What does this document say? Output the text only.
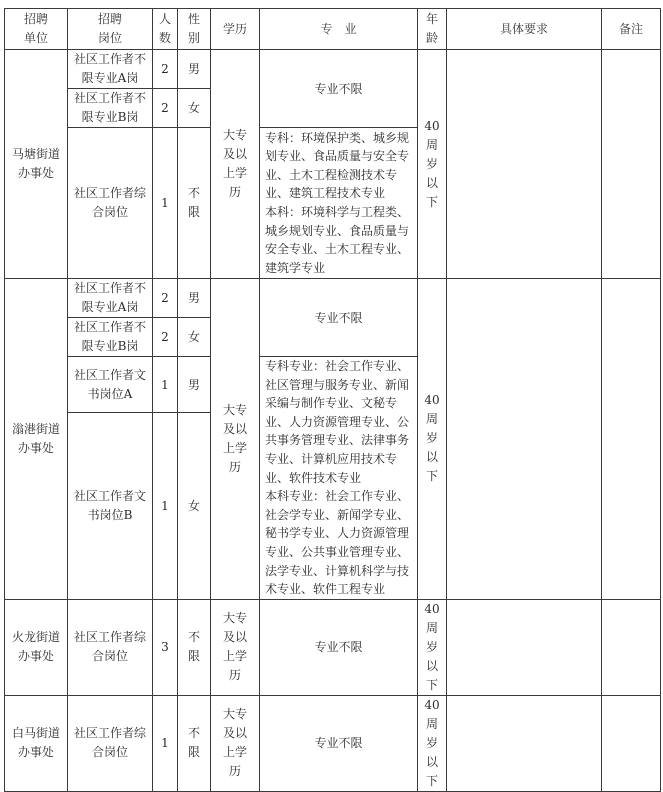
招聘单位	招聘岗位	人数	性别	学历	专　业	年龄	具体要求	备注
马塘街道办事处	社区工作者不限专业A岗	2	男	大专及以上学历	专业不限	40周岁以下		
	社区工作者不限专业B岗	2	女					
	社区工作者综合岗位	1	不限		专科：环境保护类、城乡规划专业、食品质量与安全专业、土木工程检测技术专业、建筑工程技术专业
本科：环境科学与工程类、城乡规划专业、食品质量与安全专业、土木工程专业、建筑学专业			

滃港街道办事处	社区工作者不限专业A岗	2	男	大专及以上学历	专业不限	40周岁以下		
	社区工作者不限专业B岗	2	女					
	社区工作者文书岗位A	1	男		专科专业：社会工作专业、社区管理与服务专业、新闻采编与制作专业、文秘专业、人力资源管理专业、公共事务管理专业、法律事务专业、计算机应用技术专业、软件技术专业
本科专业：社会工作专业、社会学专业、新闻学专业、秘书学专业、人力资源管理专业、公共事业管理专业、法学专业、计算机科学与技术专业、软件工程专业			

	社区工作者文书岗位B	1	女					
火龙街道办事处	社区工作者综合岗位	3	不限	大专及以上学历	专业不限	40周岁以下		
白马街道办事处	社区工作者综合岗位	1	不限	大专及以上学历	专业不限	40周岁以下		
